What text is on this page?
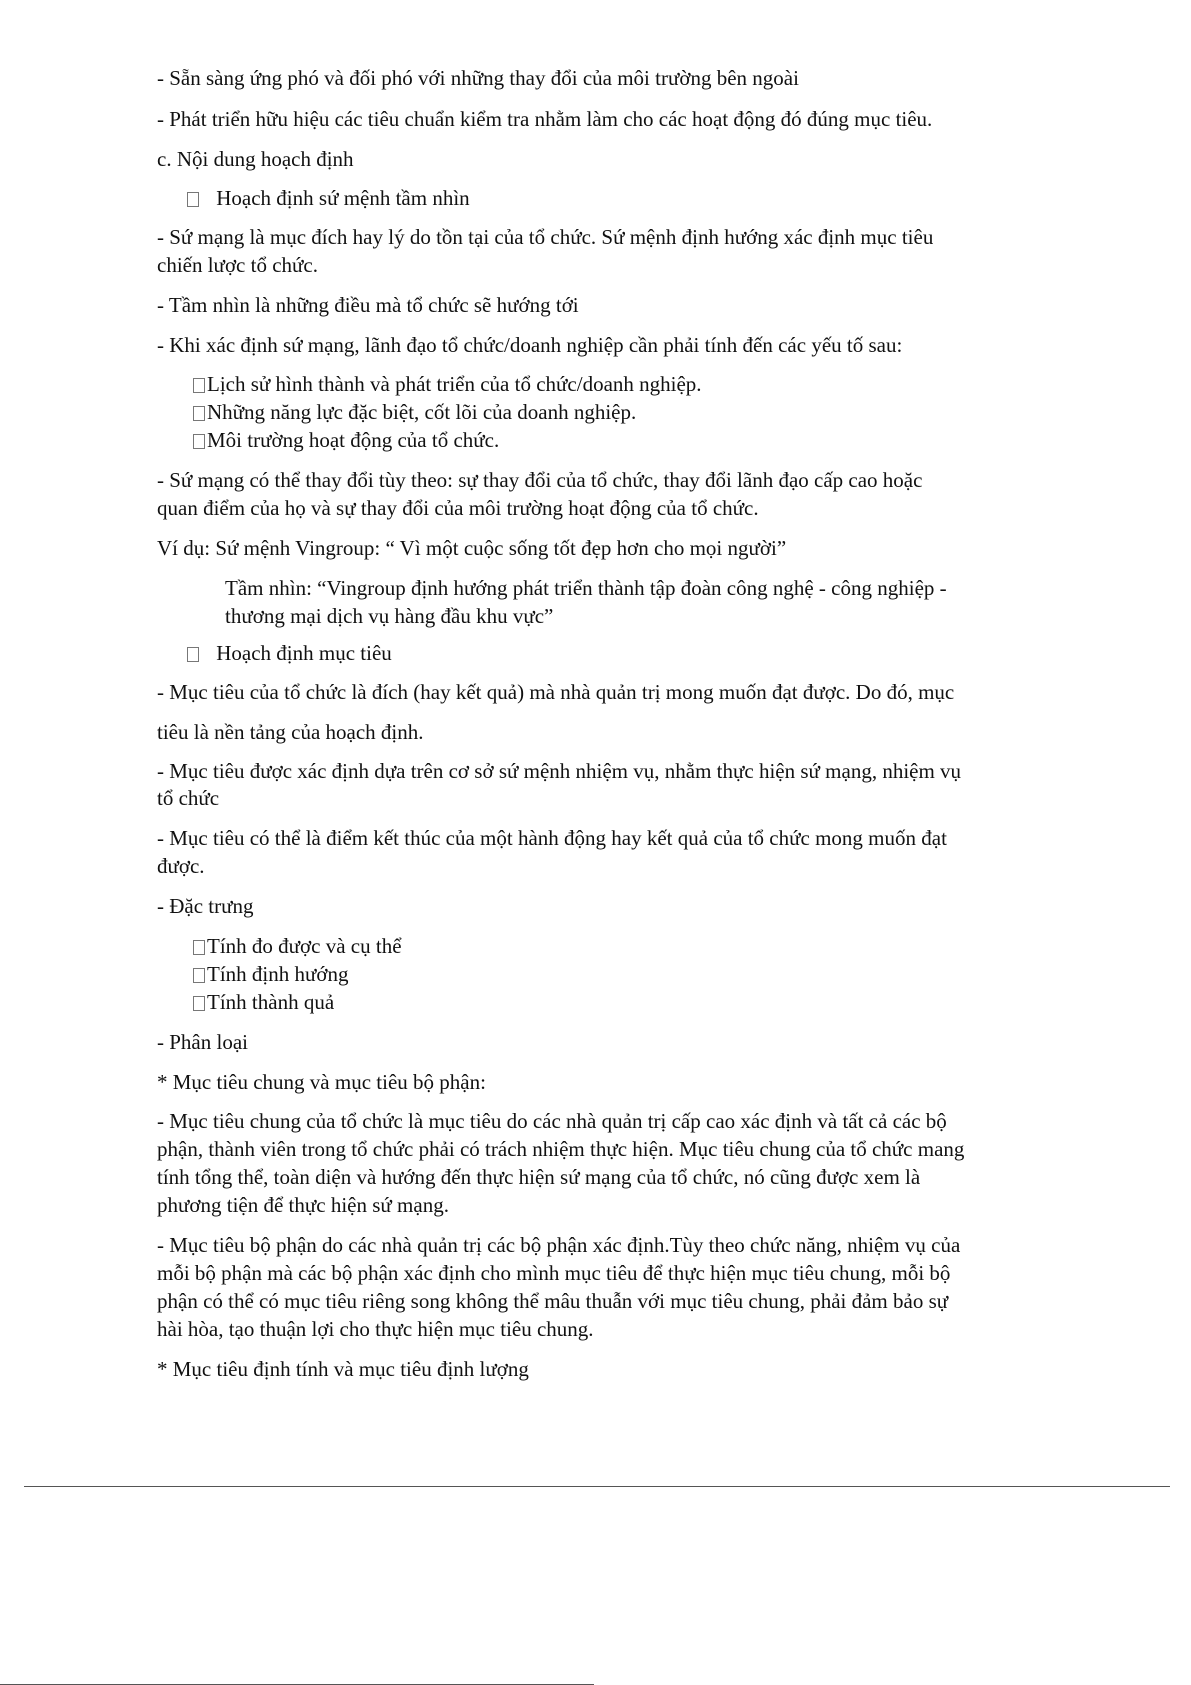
- Sẵn sàng ứng phó và đối phó với những thay đổi của môi trường bên ngoài
- Phát triển hữu hiệu các tiêu chuẩn kiểm tra nhằm làm cho các hoạt động đó đúng mục tiêu.
c. Nội dung hoạch định
Hoạch định sứ mệnh tầm nhìn
- Sứ mạng là mục đích hay lý do tồn tại của tổ chức. Sứ mệnh định hướng xác định mục tiêu
chiến lược tổ chức.
- Tầm nhìn là những điều mà tổ chức sẽ hướng tới
- Khi xác định sứ mạng, lãnh đạo tổ chức/doanh nghiệp cần phải tính đến các yếu tố sau:
Lịch sử hình thành và phát triển của tổ chức/doanh nghiệp.
Những năng lực đặc biệt, cốt lõi của doanh nghiệp.
Môi trường hoạt động của tổ chức.
- Sứ mạng có thể thay đổi tùy theo: sự thay đổi của tổ chức, thay đổi lãnh đạo cấp cao hoặc
quan điểm của họ và sự thay đổi của môi trường hoạt động của tổ chức.
Ví dụ: Sứ mệnh Vingroup: “ Vì một cuộc sống tốt đẹp hơn cho mọi người”
Tầm nhìn: “Vingroup định hướng phát triển thành tập đoàn công nghệ - công nghiệp -
thương mại dịch vụ hàng đầu khu vực”
Hoạch định mục tiêu
- Mục tiêu của tổ chức là đích (hay kết quả) mà nhà quản trị mong muốn đạt được. Do đó, mục
tiêu là nền tảng của hoạch định.
- Mục tiêu được xác định dựa trên cơ sở sứ mệnh nhiệm vụ, nhằm thực hiện sứ mạng, nhiệm vụ
tổ chức
- Mục tiêu có thể là điểm kết thúc của một hành động hay kết quả của tổ chức mong muốn đạt
được.
- Đặc trưng
Tính đo được và cụ thể
Tính định hướng
Tính thành quả
- Phân loại
* Mục tiêu chung và mục tiêu bộ phận:
- Mục tiêu chung của tổ chức là mục tiêu do các nhà quản trị cấp cao xác định và tất cả các bộ
phận, thành viên trong tổ chức phải có trách nhiệm thực hiện. Mục tiêu chung của tổ chức mang
tính tổng thể, toàn diện và hướng đến thực hiện sứ mạng của tổ chức, nó cũng được xem là
phương tiện để thực hiện sứ mạng.
- Mục tiêu bộ phận do các nhà quản trị các bộ phận xác định.Tùy theo chức năng, nhiệm vụ của
mỗi bộ phận mà các bộ phận xác định cho mình mục tiêu để thực hiện mục tiêu chung, mỗi bộ
phận có thể có mục tiêu riêng song không thể mâu thuẫn với mục tiêu chung, phải đảm bảo sự
hài hòa, tạo thuận lợi cho thực hiện mục tiêu chung.
* Mục tiêu định tính và mục tiêu định lượng
